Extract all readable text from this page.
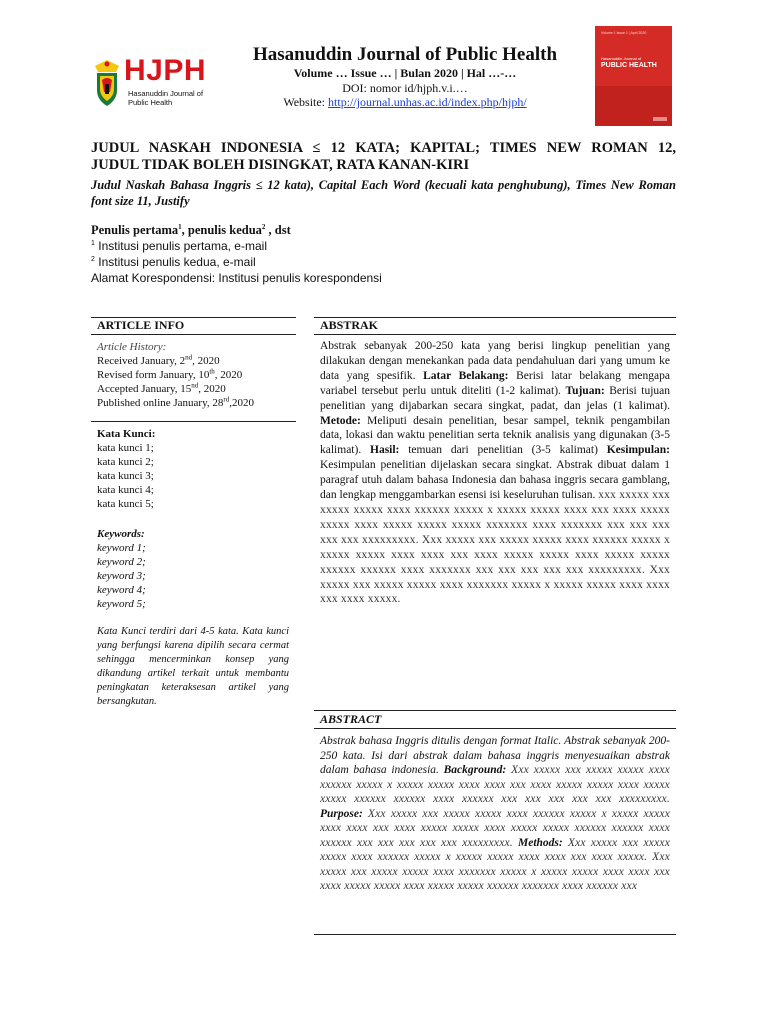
HJPH
Hasanuddin Journal of
Public Health
Hasanuddin Journal of Public Health
Volume … Issue … | Bulan 2020 | Hal …-…
DOI: nomor id/hjph.v.i.…
Website: http://journal.unhas.ac.id/index.php/hjph/
Volume 1 Issue 1 | April 2020
Hasanuddin Journal of
PUBLIC HEALTH
JUDUL NASKAH INDONESIA ≤ 12 KATA; KAPITAL; TIMES NEW ROMAN 12,
JUDUL TIDAK BOLEH DISINGKAT, RATA KANAN-KIRI
Judul Naskah Bahasa Inggris ≤ 12 kata), Capital Each Word (kecuali kata penghubung), Times New Roman font size 11, Justify
Penulis pertama$^1$, penulis kedua$^2$ , dst
$^1$ Institusi penulis pertama, e-mail
$^2$ Institusi penulis kedua, e-mail
Alamat Korespondensi: Institusi penulis korespondensi
ARTICLE INFO
Article History:
Received January, 2nd, 2020
Revised form January, 10th, 2020
Accepted January, 15nd, 2020
Published online January, 28rd,2020
Kata Kunci:
kata kunci 1;
kata kunci 2;
kata kunci 3;
kata kunci 4;
kata kunci 5;
Keywords:
keyword 1;
keyword 2;
keyword 3;
keyword 4;
keyword 5;
Kata Kunci terdiri dari 4-5 kata. Kata kunci yang berfungsi karena dipilih secara cermat sehingga mencerminkan konsep yang dikandung artikel terkait untuk membantu peningkatan keteraksesan artikel yang bersangkutan.
ABSTRAK
Abstrak sebanyak 200-250 kata yang berisi lingkup penelitian yang dilakukan dengan menekankan pada data pendahuluan dari yang umum ke data yang spesifik. Latar Belakang: Berisi latar belakang mengapa variabel tersebut perlu untuk diteliti (1-2 kalimat). Tujuan: Berisi tujuan penelitian yang dijabarkan secara singkat, padat, dan jelas (1 kalimat). Metode: Meliputi desain penelitian, besar sampel, teknik pengambilan data, lokasi dan waktu penelitian serta teknik analisis yang digunakan (3-5 kalimat). Hasil: temuan dari penelitian (3-5 kalimat) Kesimpulan: Kesimpulan penelitian dijelaskan secara singkat. Abstrak dibuat dalam 1 paragraf utuh dalam bahasa Indonesia dan bahasa inggris secara gamblang, dan lengkap menggambarkan esensi isi keseluruhan tulisan. xxx xxxxx xxx xxxxx xxxxx xxxx xxxxxx xxxxx x xxxxx xxxxx xxxx xxx xxxx xxxxx xxxxx xxxx xxxxx xxxxx xxxxx xxxxxxx xxxx xxxxxxx xxx xxx xxx xxx xxx xxxxxxxxx. Xxx xxxxx xxx xxxxx xxxxx xxxx xxxxxx xxxxx x xxxxx xxxxx xxxx xxxx xxx xxxx xxxxx xxxxx xxxx xxxxx xxxxx xxxxxx xxxxxx xxxx xxxxxxx xxx xxx xxx xxx xxx xxxxxxxxx. Xxx xxxxx xxx xxxxx xxxxx xxxx xxxxxxx xxxxx x xxxxx xxxxx xxxx xxxx xxx xxxx xxxxx.
ABSTRACT
Abstrak bahasa Inggris ditulis dengan format Italic. Abstrak sebanyak 200-250 kata. Isi dari abstrak dalam bahasa inggris menyesuaikan abstrak dalam bahasa indonesia. Background: Xxx xxxxx xxx xxxxx xxxxx xxxx xxxxxx xxxxx x xxxxx xxxxx xxxx xxxx xxx xxxx xxxxx xxxxx xxxx xxxxx xxxxx xxxxxx xxxxxx xxxx xxxxxx xxx xxx xxx xxx xxx xxxxxxxxx. Purpose: Xxx xxxxx xxx xxxxx xxxxx xxxx xxxxxx xxxxx x xxxxx xxxxx xxxx xxxx xxx xxxx xxxxx xxxxx xxxx xxxxx xxxxx xxxxxx xxxxxx xxxx xxxxxx xxx xxx xxx xxx xxx xxxxxxxxx. Methods: Xxx xxxxx xxx xxxxx xxxxx xxxx xxxxxx xxxxx x xxxxx xxxxx xxxx xxxx xxx xxxx xxxxx. Xxx xxxxx xxx xxxxx xxxxx xxxx xxxxxxx xxxxx x xxxxx xxxxx xxxx xxxx xxx xxxx xxxxx xxxxx xxxx xxxxx xxxxx xxxxxx xxxxxxx xxxx xxxxxx xxx
